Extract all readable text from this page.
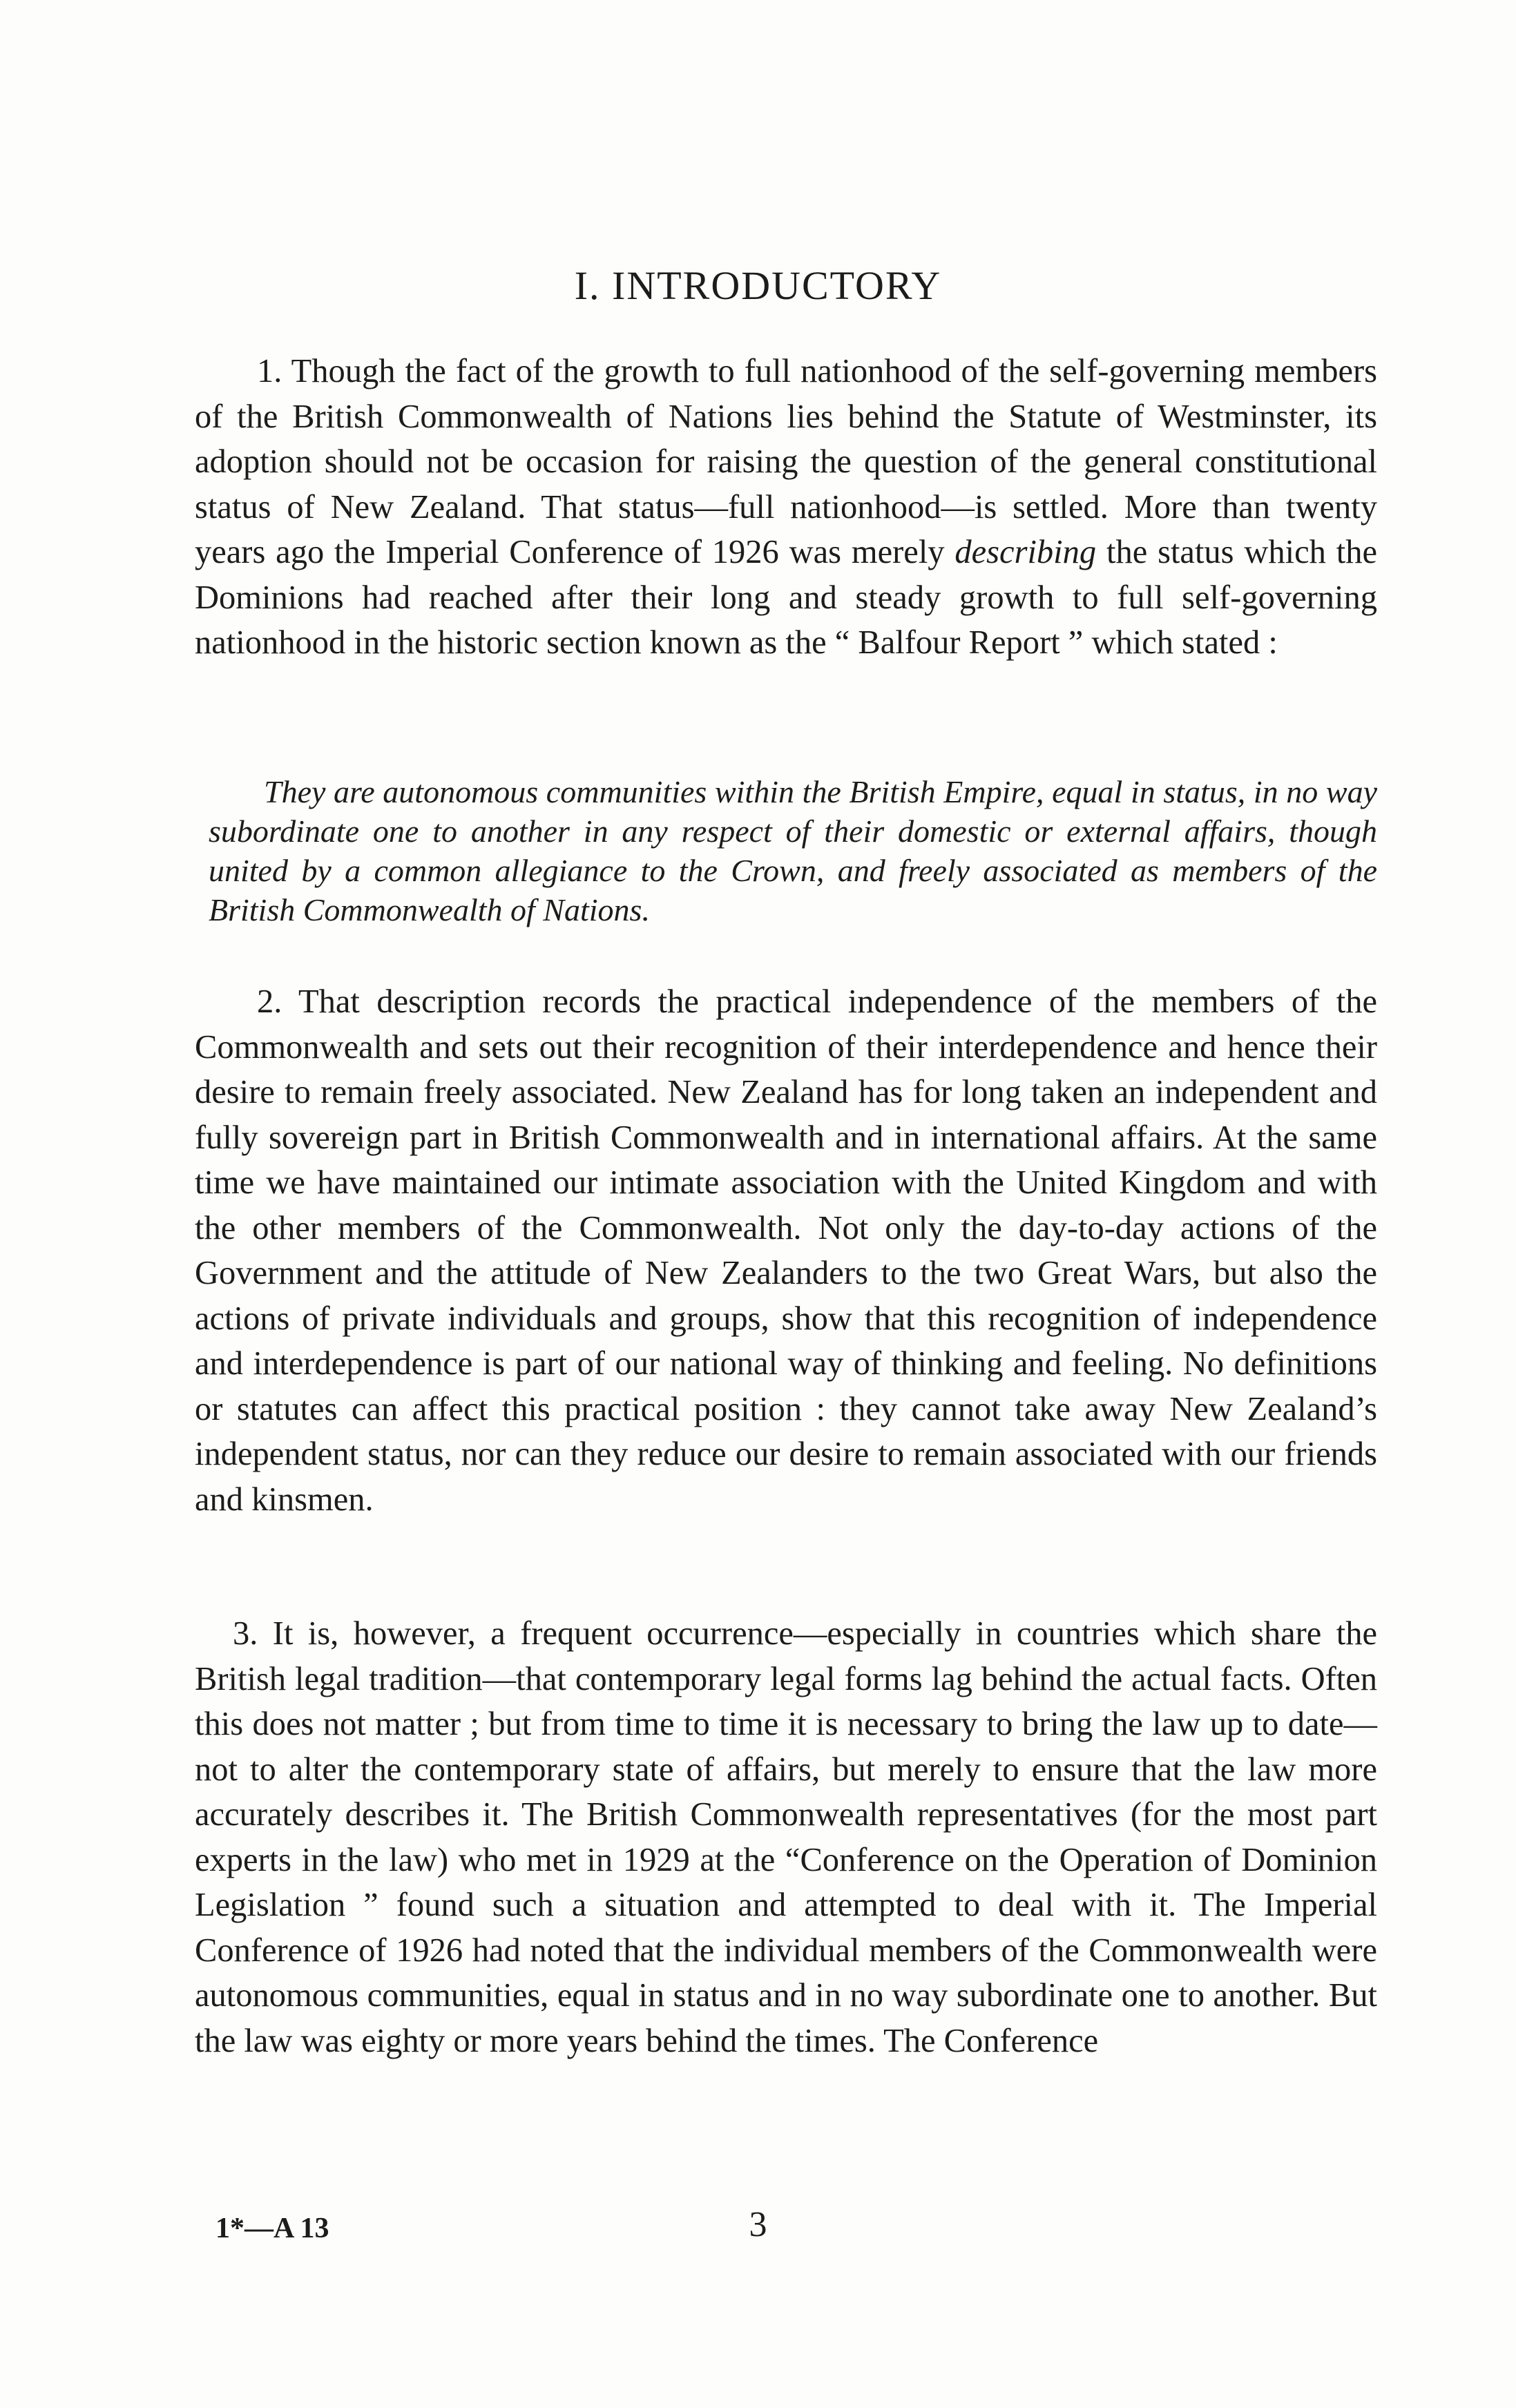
I. INTRODUCTORY

1. Though the fact of the growth to full nationhood of the self-governing members of the British Commonwealth of Nations lies behind the Statute of Westminster, its adoption should not be occasion for raising the question of the general constitutional status of New Zealand. That status—full nationhood—is settled. More than twenty years ago the Imperial Conference of 1926 was merely describing the status which the Dominions had reached after their long and steady growth to full self-governing nationhood in the historic section known as the “ Balfour Report ” which stated :

They are autonomous communities within the British Empire, equal in status, in no way subordinate one to another in any respect of their domestic or external affairs, though united by a common allegiance to the Crown, and freely associated as members of the British Commonwealth of Nations.

2. That description records the practical independence of the members of the Commonwealth and sets out their recognition of their interdependence and hence their desire to remain freely associated. New Zealand has for long taken an independent and fully sovereign part in British Commonwealth and in international affairs. At the same time we have maintained our intimate association with the United Kingdom and with the other members of the Commonwealth. Not only the day-to-day actions of the Government and the attitude of New Zealanders to the two Great Wars, but also the actions of private individuals and groups, show that this recognition of independence and interdependence is part of our national way of thinking and feeling. No definitions or statutes can affect this practical position : they cannot take away New Zealand’s independent status, nor can they reduce our desire to remain associated with our friends and kinsmen.

3. It is, however, a frequent occurrence—especially in countries which share the British legal tradition—that contemporary legal forms lag behind the actual facts. Often this does not matter ; but from time to time it is necessary to bring the law up to date—not to alter the contemporary state of affairs, but merely to ensure that the law more accurately describes it. The British Commonwealth representatives (for the most part experts in the law) who met in 1929 at the “Conference on the Operation of Dominion Legislation ” found such a situation and attempted to deal with it. The Imperial Conference of 1926 had noted that the individual members of the Commonwealth were autonomous communities, equal in status and in no way subordinate one to another. But the law was eighty or more years behind the times. The Conference

1*—A 13	3
